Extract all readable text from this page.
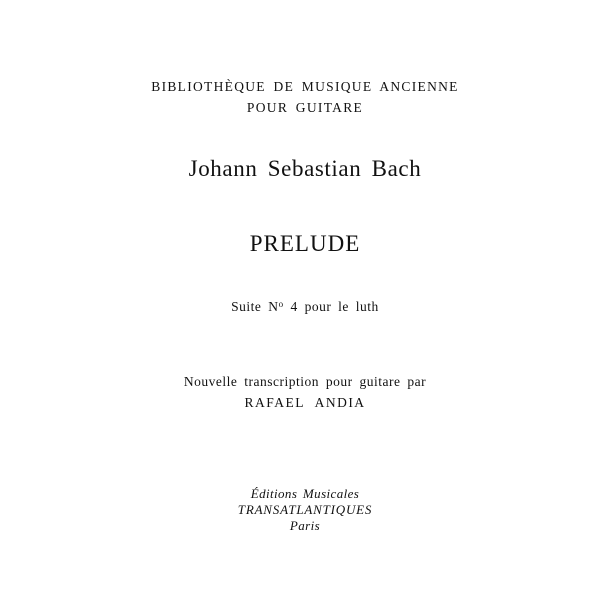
BIBLIOTHÈQUE DE MUSIQUE ANCIENNE
POUR GUITARE
Johann Sebastian Bach
PRELUDE
Suite $N^o$ 4 pour le luth
Nouvelle transcription pour guitare par
RAFAEL ANDIA
Éditions Musicales
TRANSATLANTIQUES
Paris
